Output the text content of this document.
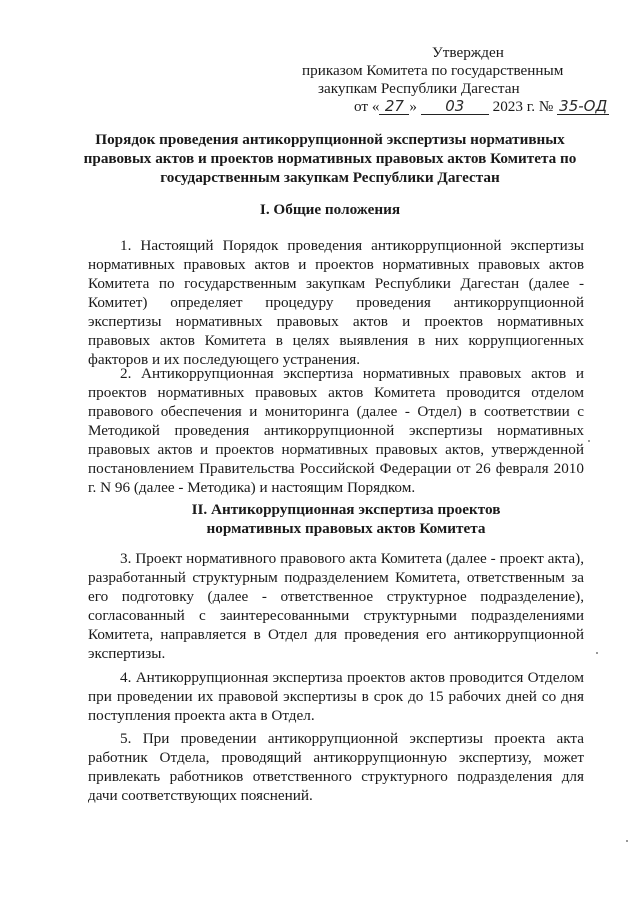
Утвержден
приказом Комитета по государственным
закупкам Республики Дагестан
от « 27 » 03 2023 г. № 35-ОД
Порядок проведения антикоррупционной экспертизы нормативных правовых актов и проектов нормативных правовых актов Комитета по государственным закупкам Республики Дагестан
I. Общие положения

1. Настоящий Порядок проведения антикоррупционной экспертизы нормативных правовых актов и проектов нормативных правовых актов Комитета по государственным закупкам Республики Дагестан (далее - Комитет) определяет процедуру проведения антикоррупционной экспертизы нормативных правовых актов и проектов нормативных правовых актов Комитета в целях выявления в них коррупциогенных факторов и их последующего устранения.

2. Антикоррупционная экспертиза нормативных правовых актов и проектов нормативных правовых актов Комитета проводится отделом правового обеспечения и мониторинга (далее - Отдел) в соответствии с Методикой проведения антикоррупционной экспертизы нормативных правовых актов и проектов нормативных правовых актов, утвержденной постановлением Правительства Российской Федерации от 26 февраля 2010 г. N 96 (далее - Методика) и настоящим Порядком.

II. Антикоррупционная экспертиза проектов
нормативных правовых актов Комитета

3. Проект нормативного правового акта Комитета (далее - проект акта), разработанный структурным подразделением Комитета, ответственным за его подготовку (далее - ответственное структурное подразделение), согласованный с заинтересованными структурными подразделениями Комитета, направляется в Отдел для проведения его антикоррупционной экспертизы.

4. Антикоррупционная экспертиза проектов актов проводится Отделом при проведении их правовой экспертизы в срок до 15 рабочих дней со дня поступления проекта акта в Отдел.

5. При проведении антикоррупционной экспертизы проекта акта работник Отдела, проводящий антикоррупционную экспертизу, может привлекать работников ответственного структурного подразделения для дачи соответствующих пояснений.
